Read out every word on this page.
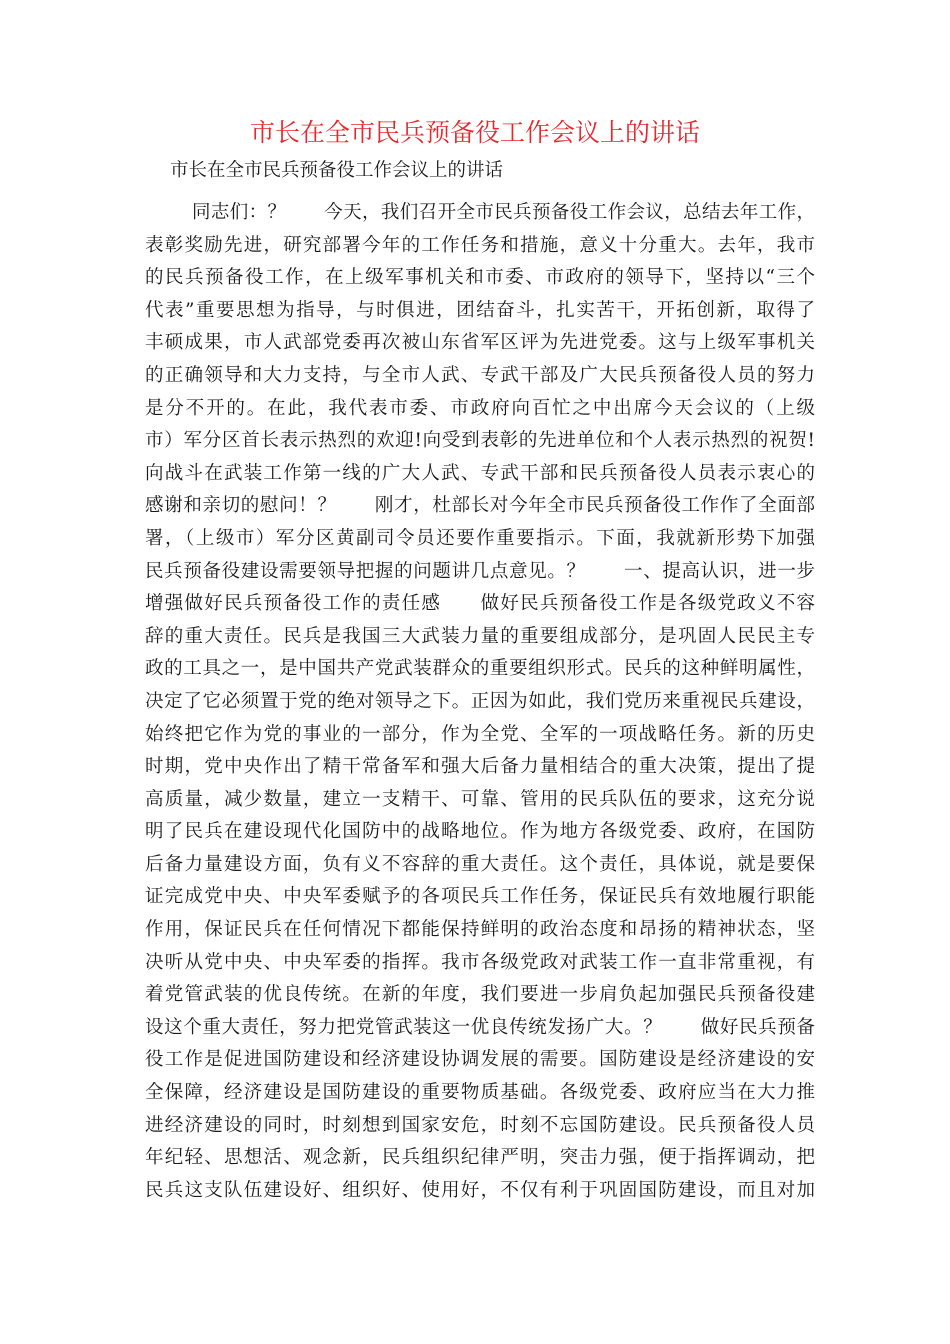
市长在全市民兵预备役工作会议上的讲话

市长在全市民兵预备役工作会议上的讲话

同志们：？　　今天，我们召开全市民兵预备役工作会议，总结去年工作，
表彰奖励先进，研究部署今年的工作任务和措施，意义十分重大。去年，我市
的民兵预备役工作，在上级军事机关和市委、市政府的领导下，坚持以“三个
代表”重要思想为指导，与时俱进，团结奋斗，扎实苦干，开拓创新，取得了
丰硕成果，市人武部党委再次被山东省军区评为先进党委。这与上级军事机关
的正确领导和大力支持，与全市人武、专武干部及广大民兵预备役人员的努力
是分不开的。在此，我代表市委、市政府向百忙之中出席今天会议的（上级
市）军分区首长表示热烈的欢迎!向受到表彰的先进单位和个人表示热烈的祝贺!
向战斗在武装工作第一线的广大人武、专武干部和民兵预备役人员表示衷心的
感谢和亲切的慰问！？　　刚才，杜部长对今年全市民兵预备役工作作了全面部
署，（上级市）军分区黄副司令员还要作重要指示。下面，我就新形势下加强
民兵预备役建设需要领导把握的问题讲几点意见。？　　一、提高认识，进一步
增强做好民兵预备役工作的责任感　　做好民兵预备役工作是各级党政义不容
辞的重大责任。民兵是我国三大武装力量的重要组成部分，是巩固人民民主专
政的工具之一，是中国共产党武装群众的重要组织形式。民兵的这种鲜明属性，
决定了它必须置于党的绝对领导之下。正因为如此，我们党历来重视民兵建设，
始终把它作为党的事业的一部分，作为全党、全军的一项战略任务。新的历史
时期，党中央作出了精干常备军和强大后备力量相结合的重大决策，提出了提
高质量，减少数量，建立一支精干、可靠、管用的民兵队伍的要求，这充分说
明了民兵在建设现代化国防中的战略地位。作为地方各级党委、政府，在国防
后备力量建设方面，负有义不容辞的重大责任。这个责任，具体说，就是要保
证完成党中央、中央军委赋予的各项民兵工作任务，保证民兵有效地履行职能
作用，保证民兵在任何情况下都能保持鲜明的政治态度和昂扬的精神状态，坚
决听从党中央、中央军委的指挥。我市各级党政对武装工作一直非常重视，有
着党管武装的优良传统。在新的年度，我们要进一步肩负起加强民兵预备役建
设这个重大责任，努力把党管武装这一优良传统发扬广大。？　　做好民兵预备
役工作是促进国防建设和经济建设协调发展的需要。国防建设是经济建设的安
全保障，经济建设是国防建设的重要物质基础。各级党委、政府应当在大力推
进经济建设的同时，时刻想到国家安危，时刻不忘国防建设。民兵预备役人员
年纪轻、思想活、观念新，民兵组织纪律严明，突击力强，便于指挥调动，把
民兵这支队伍建设好、组织好、使用好，不仅有利于巩固国防建设，而且对加
